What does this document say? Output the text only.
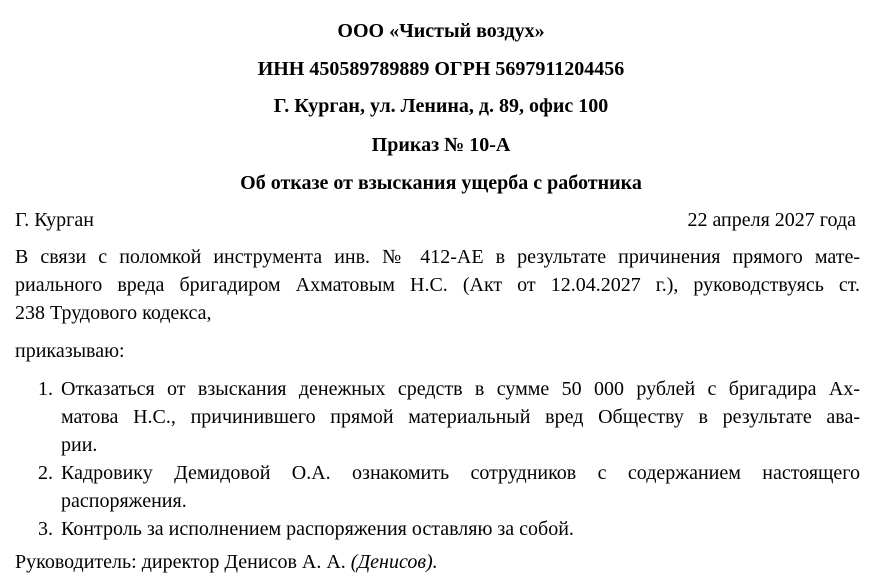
ООО «Чистый воздух»
ИНН 450589789889 ОГРН 5697911204456
Г. Курган, ул. Ленина, д. 89, офис 100
Приказ № 10-А
Об отказе от взыскания ущерба с работника
Г. Курган	22 апреля 2027 года
В связи с поломкой инструмента инв. № 412-АЕ в результате причинения прямого мате-
риального вреда бригадиром Ахматовым Н.С. (Акт от 12.04.2027 г.), руководствуясь ст.
238 Трудового кодекса,
приказываю:
1. Отказаться от взыскания денежных средств в сумме 50 000 рублей с бригадира Ах-
матова Н.С., причинившего прямой материальный вред Обществу в результате ава-
рии.
2. Кадровику Демидовой О.А. ознакомить сотрудников с содержанием настоящего
распоряжения.
3. Контроль за исполнением распоряжения оставляю за собой.
Руководитель: директор Денисов А. А. (Денисов).
